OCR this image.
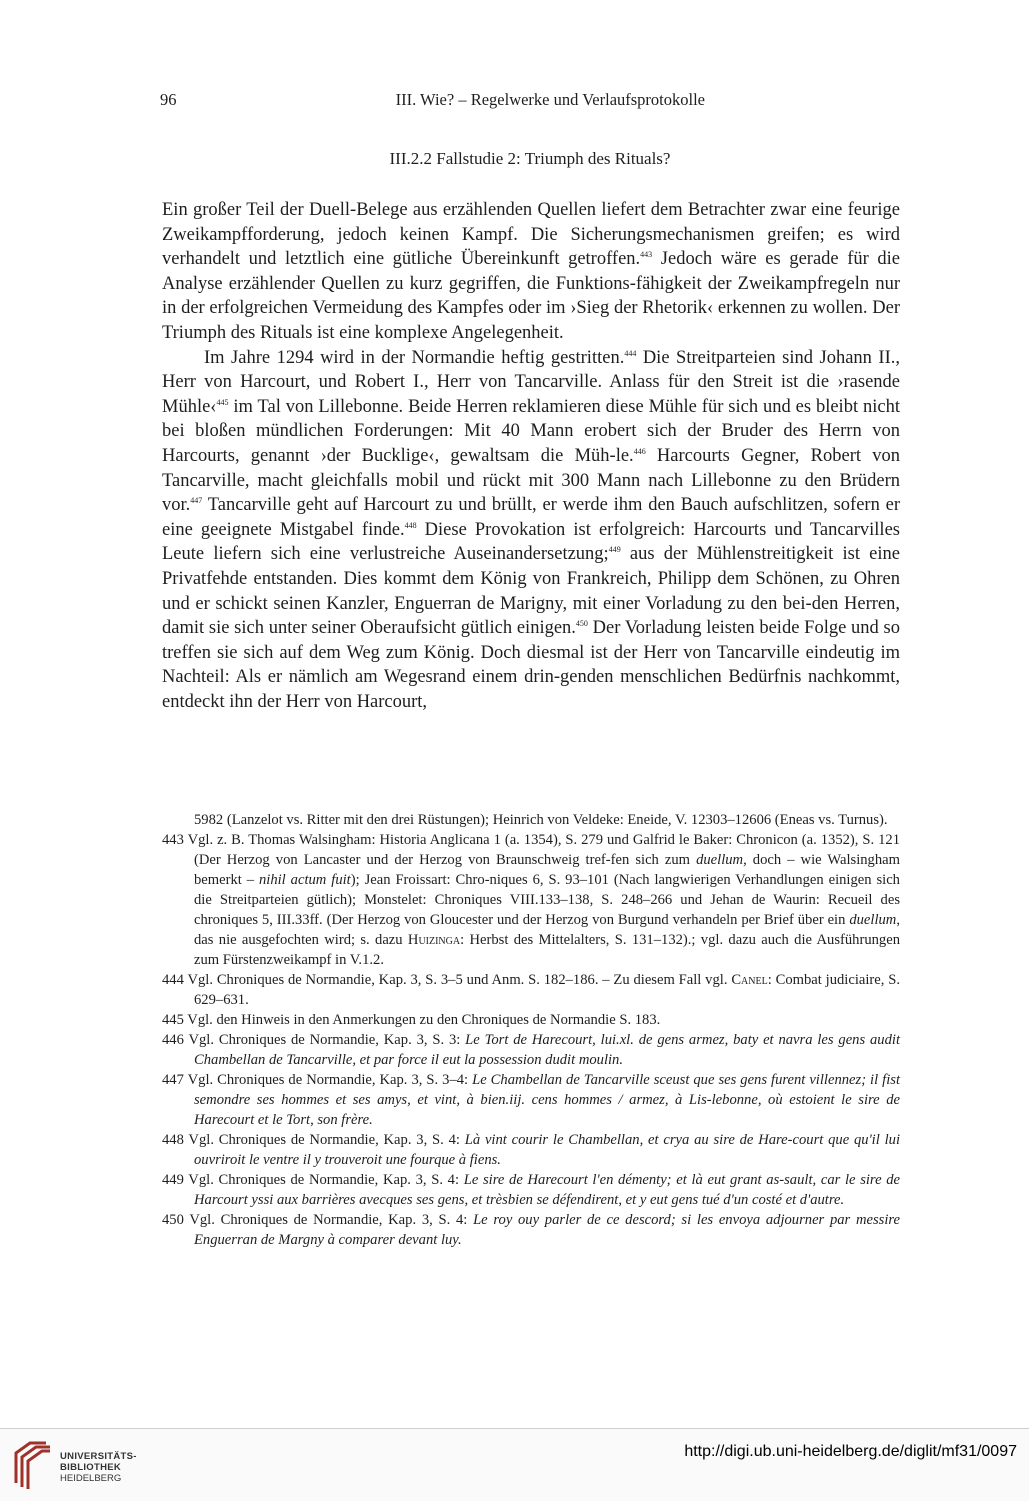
96	III. Wie? – Regelwerke und Verlaufsprotokolle
III.2.2 Fallstudie 2: Triumph des Rituals?

Ein großer Teil der Duell-Belege aus erzählenden Quellen liefert dem Betrachter zwar eine feurige Zweikampfforderung, jedoch keinen Kampf. Die Sicherungsmechanismen greifen; es wird verhandelt und letztlich eine gütliche Übereinkunft getroffen.$^{443}$ Jedoch wäre es gerade für die Analyse erzählender Quellen zu kurz gegriffen, die Funktions-fähigkeit der Zweikampfregeln nur in der erfolgreichen Vermeidung des Kampfes oder im ›Sieg der Rhetorik‹ erkennen zu wollen. Der Triumph des Rituals ist eine komplexe Angelegenheit.

Im Jahre 1294 wird in der Normandie heftig gestritten.$^{444}$ Die Streitparteien sind Johann II., Herr von Harcourt, und Robert I., Herr von Tancarville. Anlass für den Streit ist die ›rasende Mühle‹$^{445}$ im Tal von Lillebonne. Beide Herren reklamieren diese Mühle für sich und es bleibt nicht bei bloßen mündlichen Forderungen: Mit 40 Mann erobert sich der Bruder des Herrn von Harcourts, genannt ›der Bucklige‹, gewaltsam die Müh-le.$^{446}$ Harcourts Gegner, Robert von Tancarville, macht gleichfalls mobil und rückt mit 300 Mann nach Lillebonne zu den Brüdern vor.$^{447}$ Tancarville geht auf Harcourt zu und brüllt, er werde ihm den Bauch aufschlitzen, sofern er eine geeignete Mistgabel finde.$^{448}$ Diese Provokation ist erfolgreich: Harcourts und Tancarvilles Leute liefern sich eine verlustreiche Auseinandersetzung;$^{449}$ aus der Mühlenstreitigkeit ist eine Privatfehde entstanden. Dies kommt dem König von Frankreich, Philipp dem Schönen, zu Ohren und er schickt seinen Kanzler, Enguerran de Marigny, mit einer Vorladung zu den bei-den Herren, damit sie sich unter seiner Oberaufsicht gütlich einigen.$^{450}$ Der Vorladung leisten beide Folge und so treffen sie sich auf dem Weg zum König. Doch diesmal ist der Herr von Tancarville eindeutig im Nachteil: Als er nämlich am Wegesrand einem drin-genden menschlichen Bedürfnis nachkommt, entdeckt ihn der Herr von Harcourt,

5982 (Lanzelot vs. Ritter mit den drei Rüstungen); Heinrich von Veldeke: Eneide, V. 12303–12606 (Eneas vs. Turnus).

443 Vgl. z. B. Thomas Walsingham: Historia Anglicana 1 (a. 1354), S. 279 und Galfrid le Baker: Chronicon (a. 1352), S. 121 (Der Herzog von Lancaster und der Herzog von Braunschweig tref-fen sich zum duellum, doch – wie Walsingham bemerkt – nihil actum fuit); Jean Froissart: Chro-niques 6, S. 93–101 (Nach langwierigen Verhandlungen einigen sich die Streitparteien gütlich); Monstelet: Chroniques VIII.133–138, S. 248–266 und Jehan de Waurin: Recueil des chroniques 5, III.33ff. (Der Herzog von Gloucester und der Herzog von Burgund verhandeln per Brief über ein duellum, das nie ausgefochten wird; s. dazu Huizinga: Herbst des Mittelalters, S. 131–132).; vgl. dazu auch die Ausführungen zum Fürstenzweikampf in V.1.2.

444 Vgl. Chroniques de Normandie, Kap. 3, S. 3–5 und Anm. S. 182–186. – Zu diesem Fall vgl. Canel: Combat judiciaire, S. 629–631.

445 Vgl. den Hinweis in den Anmerkungen zu den Chroniques de Normandie S. 183.

446 Vgl. Chroniques de Normandie, Kap. 3, S. 3: Le Tort de Harecourt, lui.xl. de gens armez, baty et navra les gens audit Chambellan de Tancarville, et par force il eut la possession dudit moulin.

447 Vgl. Chroniques de Normandie, Kap. 3, S. 3–4: Le Chambellan de Tancarville sceust que ses gens furent villennez; il fist semondre ses hommes et ses amys, et vint, à bien.iij. cens hommes / armez, à Lis-lebonne, où estoient le sire de Harecourt et le Tort, son frère.

448 Vgl. Chroniques de Normandie, Kap. 3, S. 4: Là vint courir le Chambellan, et crya au sire de Hare-court que qu'il lui ouvriroit le ventre il y trouveroit une fourque à fiens.

449 Vgl. Chroniques de Normandie, Kap. 3, S. 4: Le sire de Harecourt l'en démenty; et là eut grant as-sault, car le sire de Harcourt yssi aux barrières avecques ses gens, et trèsbien se défendirent, et y eut gens tué d'un costé et d'autre.

450 Vgl. Chroniques de Normandie, Kap. 3, S. 4: Le roy ouy parler de ce descord; si les envoya adjourner par messire Enguerran de Margny à comparer devant luy.

UNIVERSITÄTS-
BIBLIOTHEK
HEIDELBERG
http://digi.ub.uni-heidelberg.de/diglit/mf31/0097
